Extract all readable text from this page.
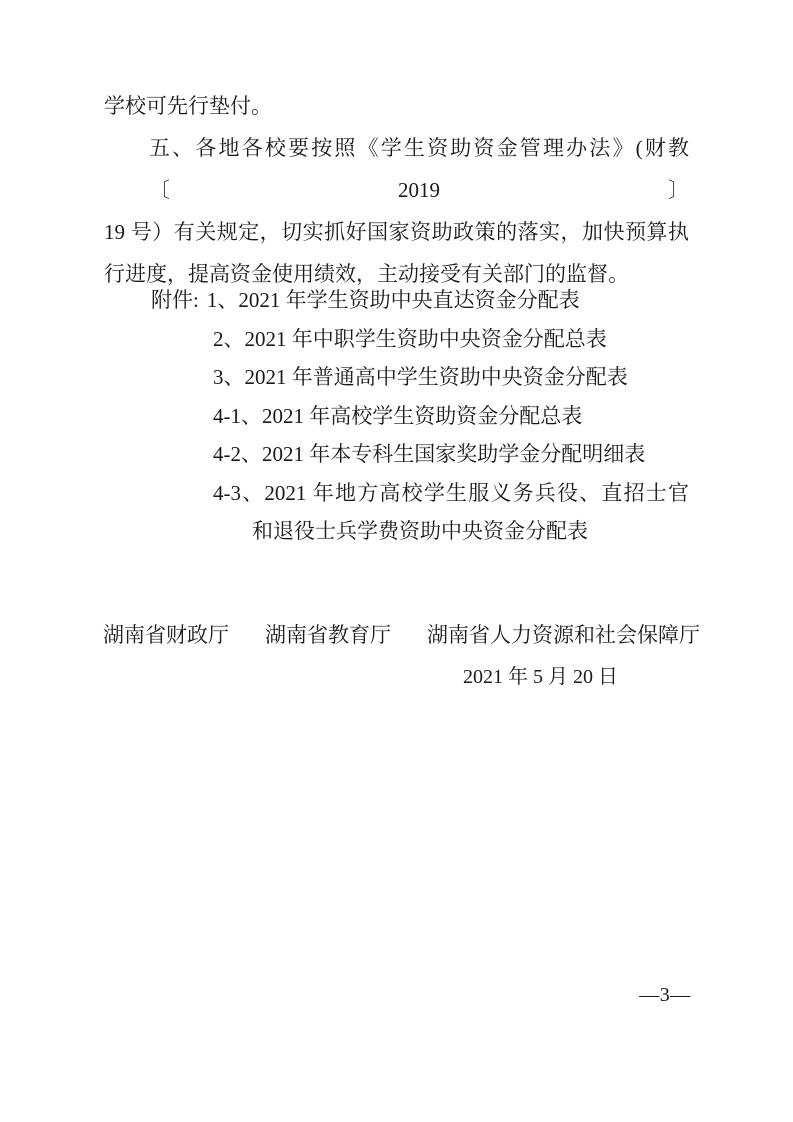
学校可先行垫付。
五、各地各校要按照《学生资助资金管理办法》(财教〔2019〕
19 号）有关规定，切实抓好国家资助政策的落实，加快预算执
行进度，提高资金使用绩效，主动接受有关部门的监督。
附件: 1、2021 年学生资助中央直达资金分配表
2、2021 年中职学生资助中央资金分配总表
3、2021 年普通高中学生资助中央资金分配表
4-1、2021 年高校学生资助资金分配总表
4-2、2021 年本专科生国家奖助学金分配明细表
4-3、2021 年地方高校学生服义务兵役、直招士官
和退役士兵学费资助中央资金分配表
湖南省财政厅 湖南省教育厅 湖南省人力资源和社会保障厅
2021 年 5 月 20 日
—3—
